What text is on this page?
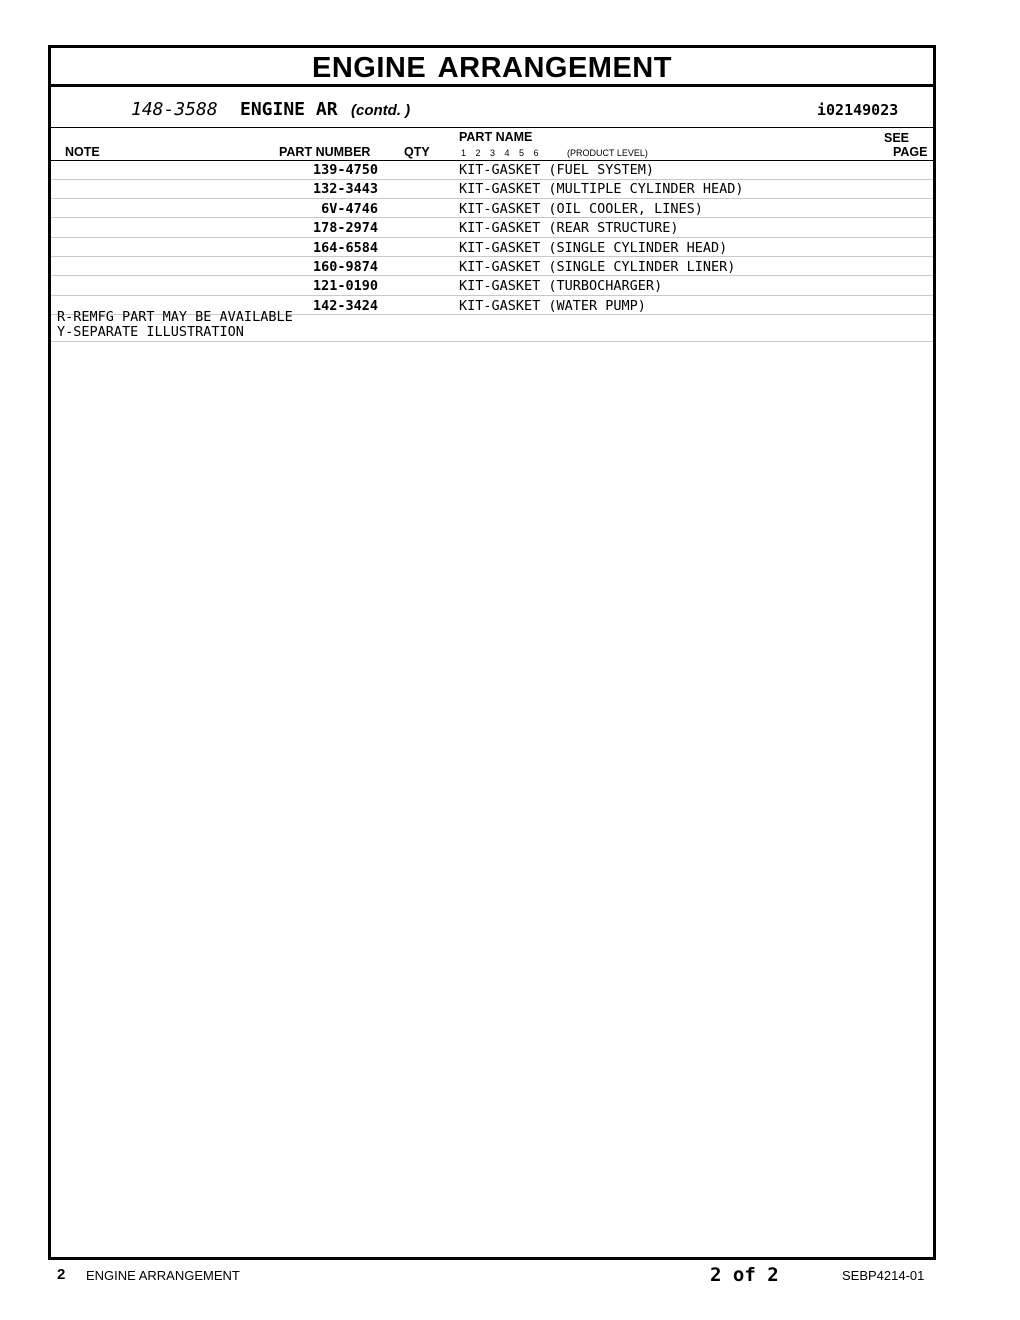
ENGINE ARRANGEMENT
148-3588 ENGINE AR (contd. )	i02149023
NOTE	PART NUMBER	QTY
PART NAME
1 2 3 4 5 6	(PRODUCT LEVEL)
SEE
PAGE
139-4750	KIT-GASKET (FUEL SYSTEM)
132-3443	KIT-GASKET (MULTIPLE CYLINDER HEAD)
6V-4746	KIT-GASKET (OIL COOLER, LINES)
178-2974	KIT-GASKET (REAR STRUCTURE)
164-6584	KIT-GASKET (SINGLE CYLINDER HEAD)
160-9874	KIT-GASKET (SINGLE CYLINDER LINER)
121-0190	KIT-GASKET (TURBOCHARGER)
142-3424	KIT-GASKET (WATER PUMP)
R-REMFG PART MAY BE AVAILABLE
Y-SEPARATE ILLUSTRATION
2 ENGINE ARRANGEMENT	2 of 2	SEBP4214-01
